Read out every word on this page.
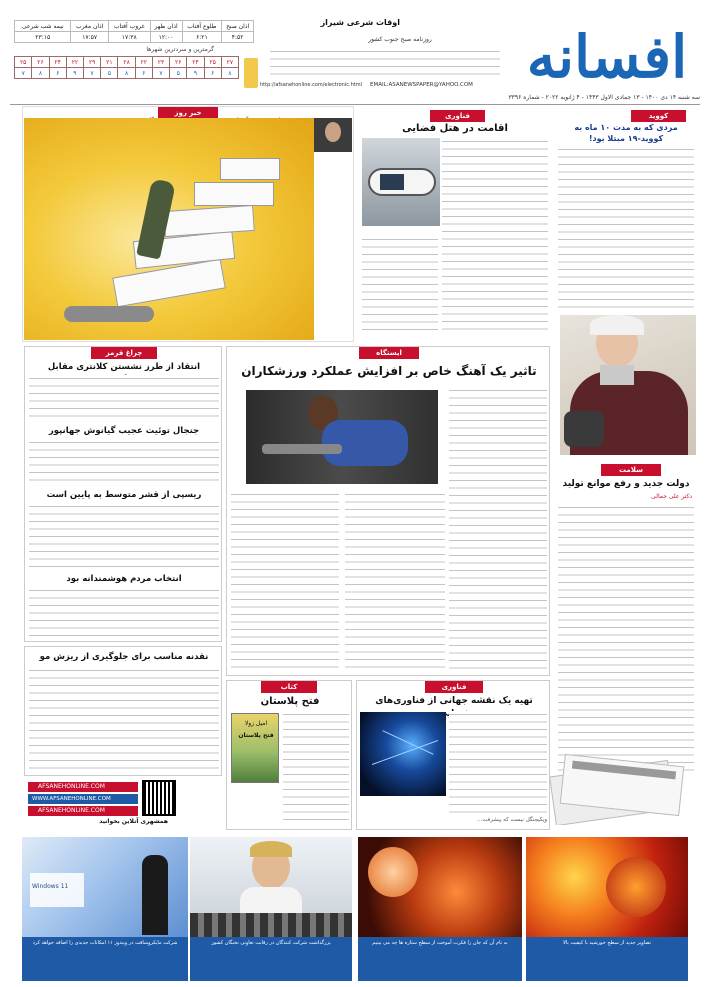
افسانه
اوقات شرعی شیراز
اذان صبح	طلوع آفتاب	اذان ظهر	غروب آفتاب	اذان مغرب	نیمه شب شرعی
۴:۵۲	۶:۲۱	۱۲:۰۰	۱۷:۳۸	۱۷:۵۷	۲۳:۱۵
گرمترین و سردترین شهرها
۲۷	۲۵	۲۴	۲۶	۲۳	۲۲	۲۸	۲۱	۲۹	۲۲	۲۴	۲۶	۲۵
۸	۶	۹	۵	۷	۶	۸	۵	۷	۹	۶	۸	۷
روزنامه صبح جنوب کشور
EMAIL:ASANEWSPAPER@YAHOO.COM
http://afsanehonline.com/electronic.html
سه شنبه ۱۴ دی ۱۴۰۰ - ۱۳ جمادی الاول ۱۴۴۳ - ۴ ژانویه ۲۰۲۲ - شماره ۳۳۹۶
کووید
مردی که به مدت ۱۰ ماه به کووید-۱۹ مبتلا بود!
سلامت
دولت جدید و رفع موانع تولید
دکتر علی جمالی
فناوری
اقامت در هتل فضایی
خبر روز
ایستگاه
تاثیر یک آهنگ خاص بر افزایش عملکرد ورزشکاران
چراغ قرمز
انتقاد از طرز نشستن کلانتری مقابل
جنجال توئیت عجیب گیانوش جهانپور
ریسپی از قشر متوسط به پایین است
انتخاب مردم هوشمندانه بود
نقدنه مناسب برای جلوگیری از ریزش مو
AFSANEHONLINE.COM
WWW.AFSANEHONLINE.COM
AFSANEHONLINE.COM
همشهری آنلاین بخوانید
کتاب
فتح پلاستان
امیل زولا
فتح پلاستان
فناوری
تهیه یک نقشه جهانی از فناوری‌های
ویکیجنگل نیست که پیشرفت...
Windows 11
شرکت مایکروسافت در ویندوز ۱۱ امکانات جدیدی را اضافه خواهد کرد	بزرگداشت شرکت کنندگان در رقابت تعاونی نخبگان کشور	به نام آن که جان را فکرت آموخت از سطح ستاره ها چه می بینیم	تصاویر جدید از سطح خورشید با کیفیت بالا
